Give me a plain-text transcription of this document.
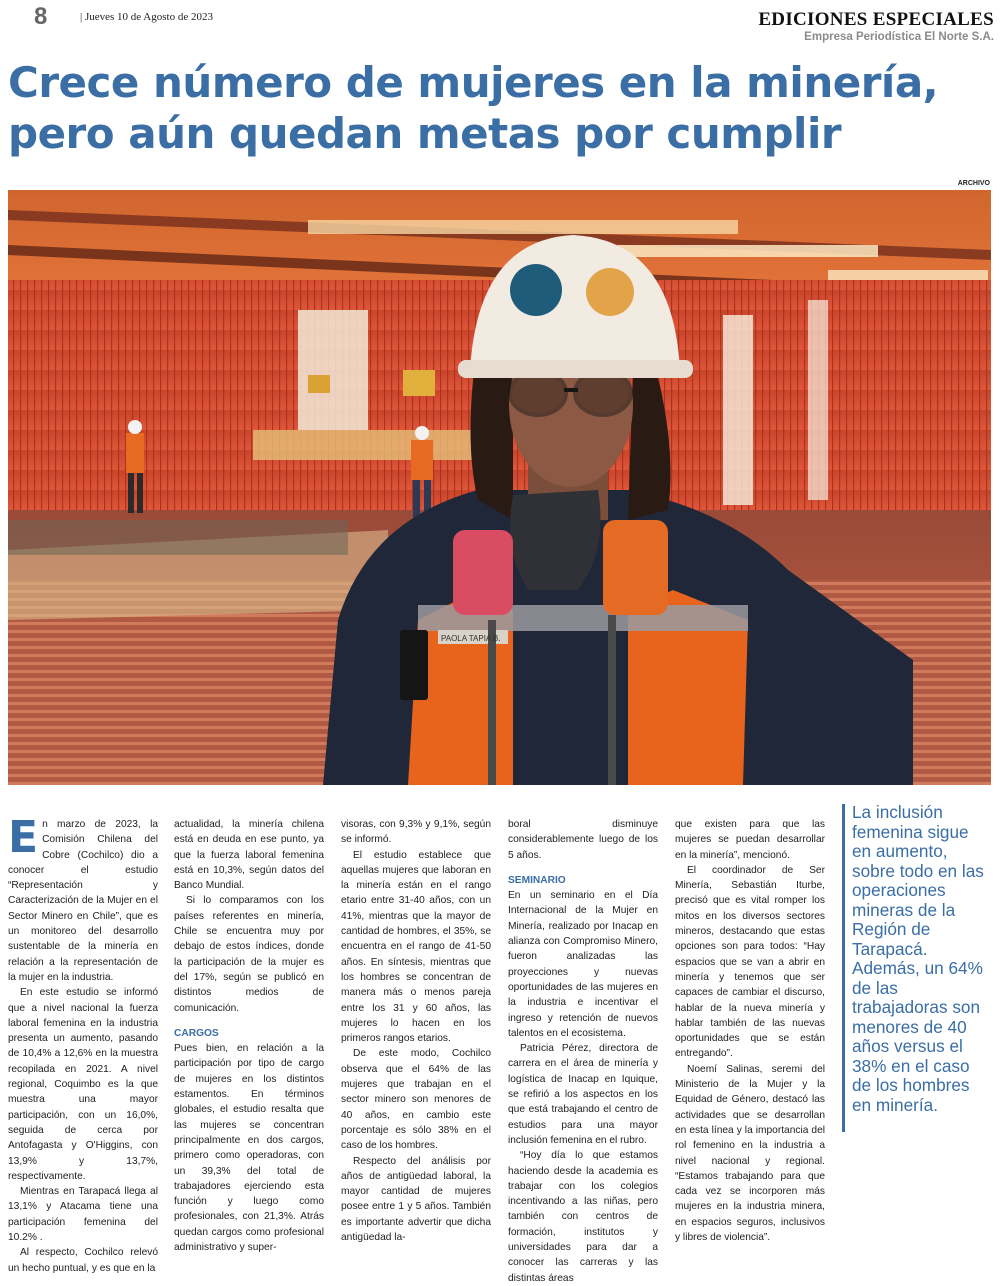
8	| Jueves 10 de Agosto de 2023	EDICIONES ESPECIALES
Empresa Periodística El Norte S.A.
Crece número de mujeres en la minería,
pero aún quedan metas por cumplir
ARCHIVO
PAOLA TAPIA B.

En marzo de 2023, la Comisión Chilena del Cobre (Cochilco) dio a conocer el estudio “Representación y Caracterización de la Mujer en el Sector Minero en Chile”, que es un monitoreo del desarrollo sustentable de la minería en relación a la representación de la mujer en la industria.

En este estudio se informó que a nivel nacional la fuerza laboral femenina en la industria presenta un aumento, pasando de 10,4% a 12,6% en la muestra recopilada en 2021. A nivel regional, Coquimbo es la que muestra una mayor participación, con un 16,0%, seguida de cerca por Antofagasta y O'Higgins, con 13,9% y 13,7%, respectivamente.

Mientras en Tarapacá llega al 13,1% y Atacama tiene una participación femenina del 10.2% .

Al respecto, Cochilco relevó un hecho puntual, y es que en la

actualidad, la minería chilena está en deuda en ese punto, ya que la fuerza laboral femenina está en 10,3%, según datos del Banco Mundial.

Si lo comparamos con los países referentes en minería, Chile se encuentra muy por debajo de estos índices, donde la participación de la mujer es del 17%, según se publicó en distintos medios de comunicación.

CARGOS

Pues bien, en relación a la participación por tipo de cargo de mujeres en los distintos estamentos. En términos globales, el estudio resalta que las mujeres se concentran principalmente en dos cargos, primero como operadoras, con un 39,3% del total de trabajadores ejerciendo esta función y luego como profesionales, con 21,3%. Atrás quedan cargos como profesional administrativo y super-

visoras, con 9,3% y 9,1%, según se informó.

El estudio establece que aquellas mujeres que laboran en la minería están en el rango etario entre 31-40 años, con un 41%, mientras que la mayor de cantidad de hombres, el 35%, se encuentra en el rango de 41-50 años. En síntesis, mientras que los hombres se concentran de manera más o menos pareja entre los 31 y 60 años, las mujeres lo hacen en los primeros rangos etarios.

De este modo, Cochilco observa que el 64% de las mujeres que trabajan en el sector minero son menores de 40 años, en cambio este porcentaje es sólo 38% en el caso de los hombres.

Respecto del análisis por años de antigüedad laboral, la mayor cantidad de mujeres posee entre 1 y 5 años. También es importante advertir que dicha antigüedad la-

boral disminuye considerablemente luego de los 5 años.

SEMINARIO

En un seminario en el Día Internacional de la Mujer en Minería, realizado por Inacap en alianza con Compromiso Minero, fueron analizadas las proyecciones y nuevas oportunidades de las mujeres en la industria e incentivar el ingreso y retención de nuevos talentos en el ecosistema.

Patricia Pérez, directora de carrera en el área de minería y logística de Inacap en Iquique, se refirió a los aspectos en los que está trabajando el centro de estudios para una mayor inclusión femenina en el rubro.

“Hoy día lo que estamos haciendo desde la academia es trabajar con los colegios incentivando a las niñas, pero también con centros de formación, institutos y universidades para dar a conocer las carreras y las distintas áreas

que existen para que las mujeres se puedan desarrollar en la minería”, mencionó.

El coordinador de Ser Minería, Sebastián Iturbe, precisó que es vital romper los mitos en los diversos sectores mineros, destacando que estas opciones son para todos: “Hay espacios que se van a abrir en minería y tenemos que ser capaces de cambiar el discurso, hablar de la nueva minería y hablar también de las nuevas oportunidades que se están entregando”.

Noemí Salinas, seremi del Ministerio de la Mujer y la Equidad de Género, destacó las actividades que se desarrollan en esta línea y la importancia del rol femenino en la industria a nivel nacional y regional. “Estamos trabajando para que cada vez se incorporen más mujeres en la industria minera, en espacios seguros, inclusivos y libres de violencia”.

La inclusión femenina sigue en aumento, sobre todo en las operaciones mineras de la Región de Tarapacá. Además, un 64% de las trabajadoras son menores de 40 años versus el 38% en el caso de los hombres en minería.
